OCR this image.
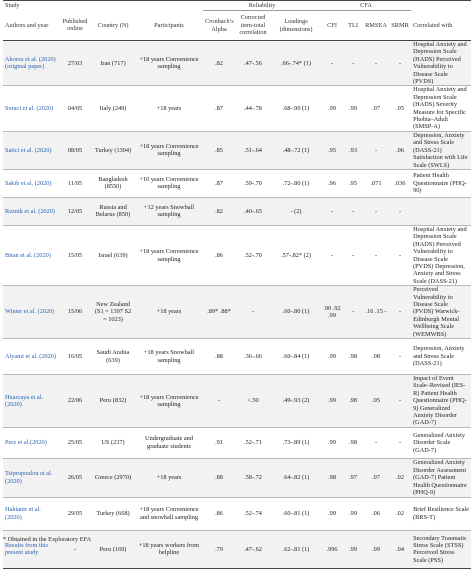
Study				Reliability			CFA				
Authors and year	Published online	Country (N)	Participants	Cronbach’s Alpha	Corrected item-total correlation	Loadings (dimensions)	CFI	TLI	RMSEA	SRMR	Correlated with
Ahorsu et al. (2020) (original paper)	27/03	Iran (717)	+18 years Convenience sampling	.82	.47-.56	.66-.74* (1)	-	-	-	-	Hospital Anxiety and Depression Scale (HADS) Perceived Vulnerability to Disease Scale (PVDS)
Soraci et al. (2020)	04/05	Italy (249)	+18 years	.87	.44-.78	.68-.90 (1)	.99	.99	.07	.05	Hospital Anxiety and Depression Scale (HADS) Severity Measure for Specific Phobia–Adult (SMSP-A)
Satici et al. (2020)	08/05	Turkey (1304)	+18 years Convenience sampling	.85	.51-.64	.48-.72 (1)	.95	.93	-	.06	Depression, Anxiety and Stress Scale (DASS-21) Satisfaction with Life Scale (SWLS)
Sakib et al. (2020)	11/05	Bangladesh (8550)	+10 years Convenience sampling	.87	.59-.70	.72-.80 (1)	.96	.95	.071	.036	Patient Health Questionnaire (PHQ-90)
Reznik et al. (2020)	12/05	Russia and Belarus (850)	+12 years Snowball sampling	.82	.40-.65	- (2)	-	-	-	-	
Bitan et al. (2020)	15/05	Israel (639)	+18 years Convenience sampling	.86	.52-.70	.57-.82* (2)	-	-	-	-	Hospital Anxiety and Depression Scale (HADS) Perceived Vulnerability to Disease Scale (PVDS) Depression, Anxiety and Stress Scale (DASS-21)
Winter et al. (2020)	15/06	New Zealand (S1 = 1397 S2 = 1023)	+18 years	.89* .88*	-	.60-.80 (1)	.90 .92 .99	-	.16 .15 -	-	Perceived Vulnerability to Disease Scale (PVDS) Warwick-Edinburgh Mental Wellbeing Scale (WEMWBS)
Alyami et al. (2020)	16/05	Saudi Arabia (639)	+18 years Snowball sampling	.88	.36-.66	.60-.84 (1)	.99	.98	.08	-	Depression, Anxiety and Stress Scale (DASS-21)
Huarcaya et al. (2020)	22/06	Peru (832)	+18 years Convenience sampling	-	<.50	.49-.93 (2)	.99	.98	.05	-	Impact of Event Scale–Revised (IES-R) Patient Health Questionnaire (PHQ-9) Generalized Anxiety Disorder (GAD-7)
Perz et al.(2020)	25/05	US (237)	Undergraduate and graduate students	.91	.52-.71	.73-.89 (1)	.99	.98	-	-	Generalized Anxiety Disorder Scale (GAD-7)
Tsipropoulou et al. (2020)	26/05	Greece (2970)	+18 years	.88	.58-.72	.64-.82 (1)	.98	.97	.07	.02	Generalized Anxiety Disorder Assessment (GAD-7) Patient Health Questionnaire (PHQ-9)
Haktanir et al. (2020)	29/05	Turkey (668)	+18 years Convenience and snowball sampling	.86	.52-.74	.60-.81 (1)	.99	.99	.06	.02	Brief Resilience Scale (BRS-T)
Results from this present study	-	Peru (169)	+18 years workers from helpline	.79	.47-.62	.62-.81 (1)	.996	.99	.09	.04	Secondary Traumatic Stress Scale (STSS) Perceived Stress Scale (PSS)
* Obtained in the Exploratory EFA
